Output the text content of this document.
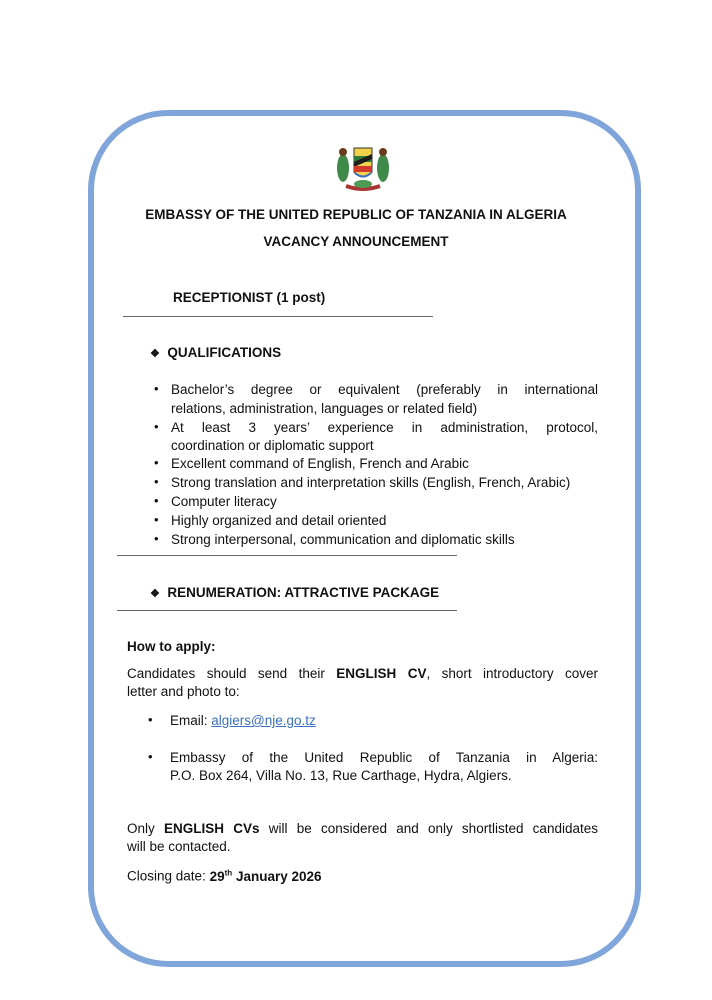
EMBASSY OF THE UNITED REPUBLIC OF TANZANIA IN ALGERIA
VACANCY ANNOUNCEMENT
RECEPTIONIST (1 post)
❖ QUALIFICATIONS
• Bachelor’s degree or equivalent (preferably in international
relations, administration, languages or related field)
• At least 3 years’ experience in administration, protocol,
coordination or diplomatic support
• Excellent command of English, French and Arabic
• Strong translation and interpretation skills (English, French, Arabic)
• Computer literacy
• Highly organized and detail oriented
• Strong interpersonal, communication and diplomatic skills
❖ RENUMERATION: ATTRACTIVE PACKAGE
How to apply:
Candidates should send their ENGLISH CV, short introductory cover
letter and photo to:
• Email: algiers@nje.go.tz
• Embassy of the United Republic of Tanzania in Algeria:
P.O. Box 264, Villa No. 13, Rue Carthage, Hydra, Algiers.
Only ENGLISH CVs will be considered and only shortlisted candidates
will be contacted.
Closing date: 29th January 2026
